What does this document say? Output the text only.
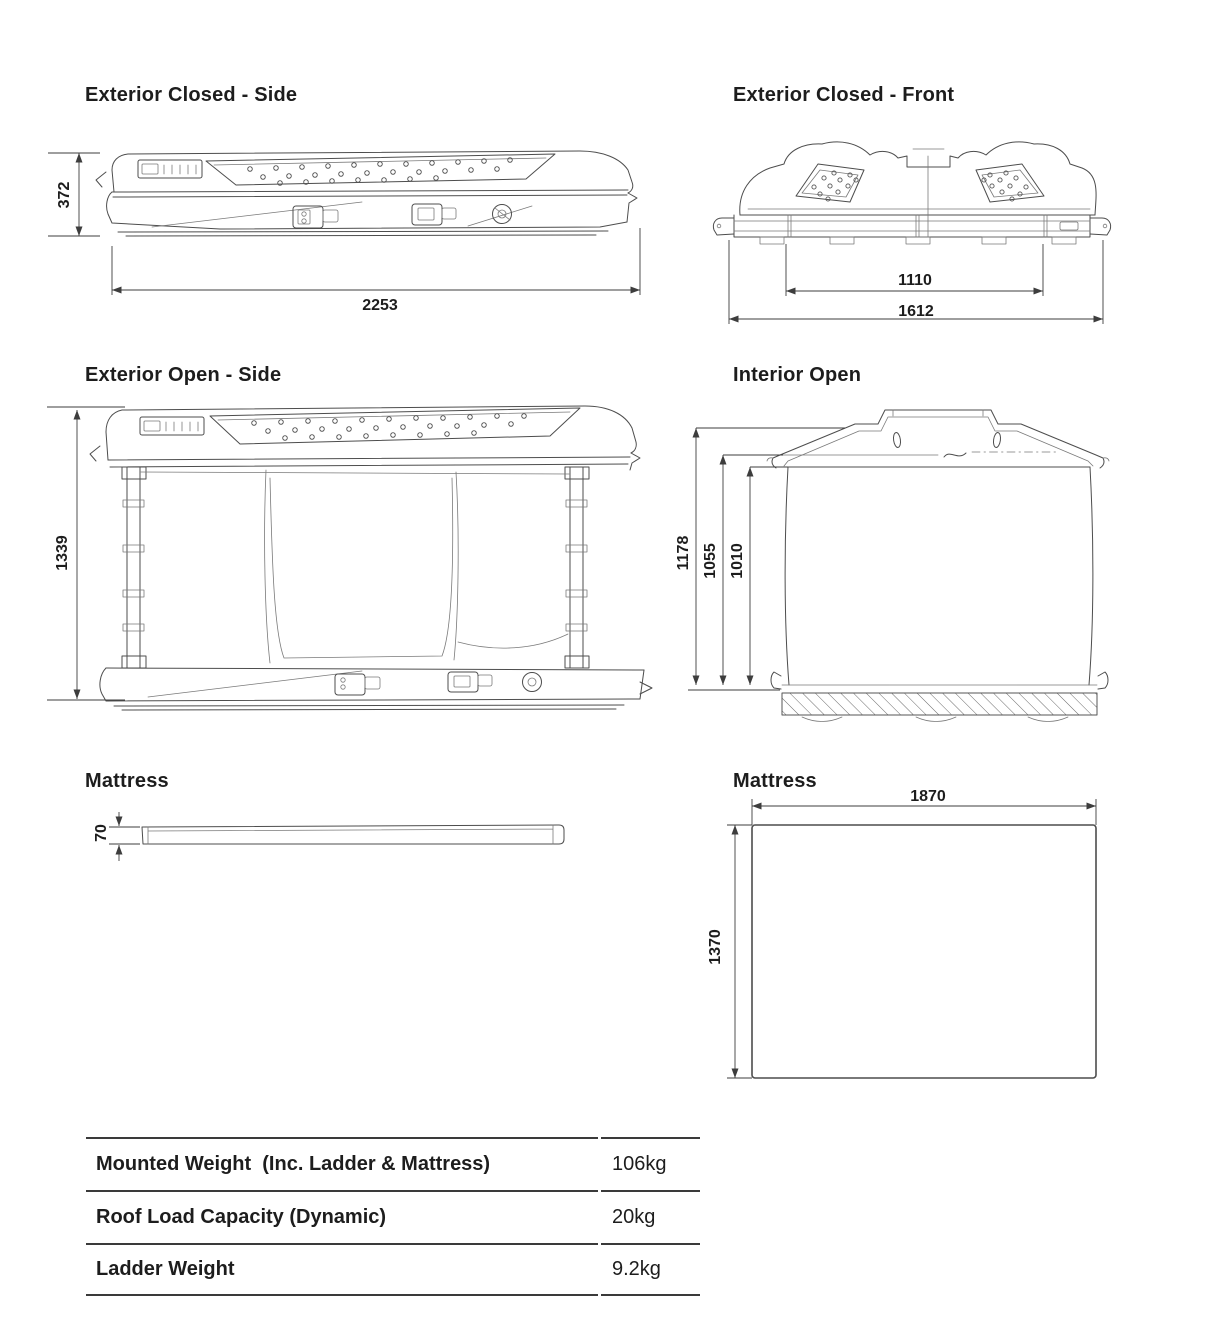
Exterior Closed - Side	Exterior Closed - Front
Exterior Open - Side	Interior Open
Mattress	Mattress
372
2253
1110
1612
1339	1178 1055 1010
70
1870
1370
Mounted Weight  (Inc. Ladder & Mattress)	106kg
Roof Load Capacity (Dynamic)	20kg
Ladder Weight	9.2kg
